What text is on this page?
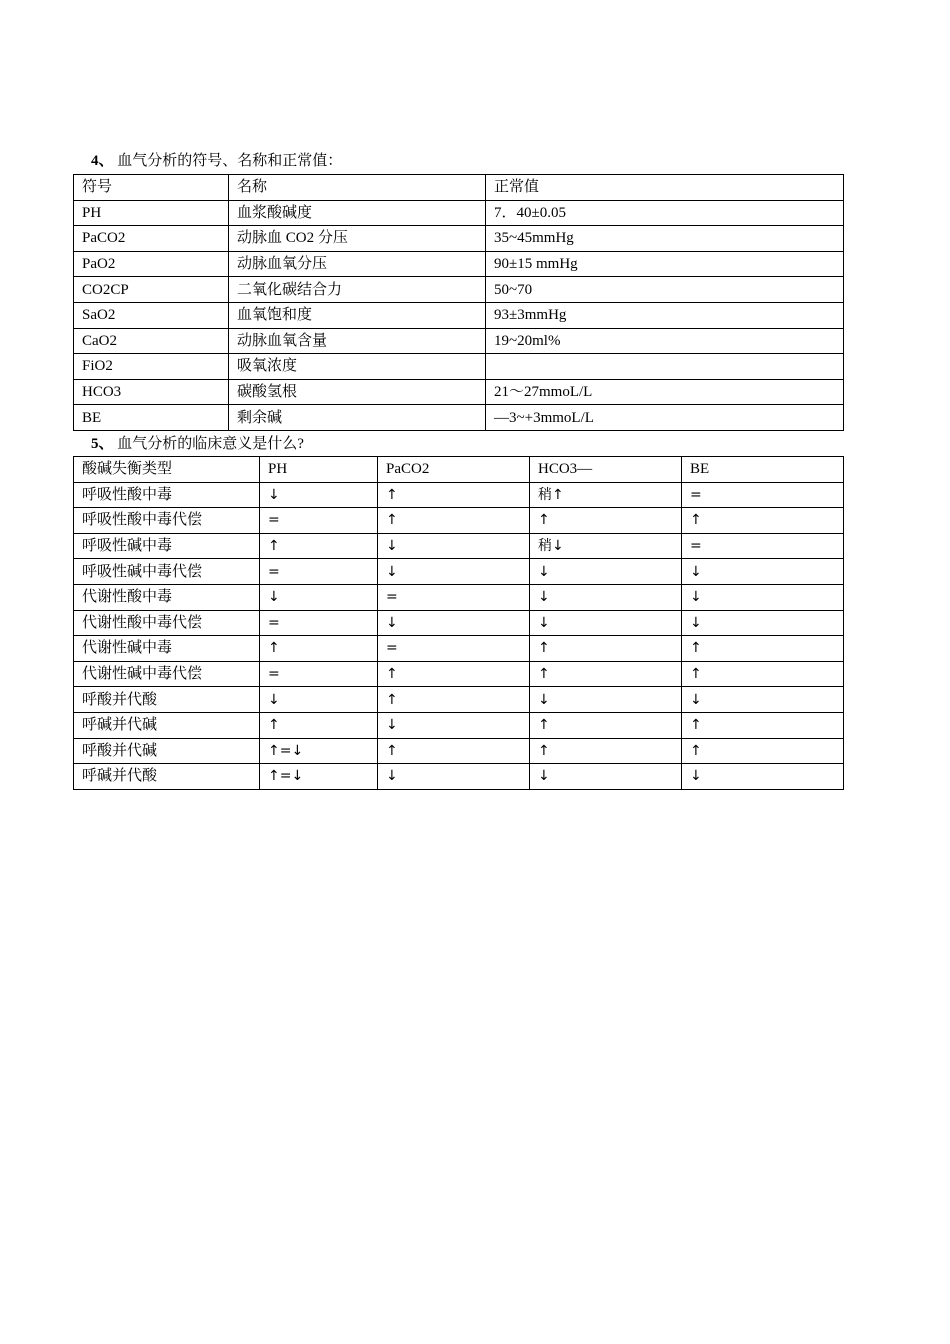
4、 血气分析的符号、名称和正常值：
符号	名称	正常值
PH	血浆酸碱度	7．40±0.05
PaCO2	动脉血 CO2 分压	35~45mmHg
PaO2	动脉血氧分压	90±15 mmHg
CO2CP	二氧化碳结合力	50~70
SaO2	血氧饱和度	93±3mmHg
CaO2	动脉血氧含量	19~20ml%
FiO2	吸氧浓度	
HCO3	碳酸氢根	21～27mmoL/L
BE	剩余碱	—3~+3mmoL/L
5、 血气分析的临床意义是什么?
酸碱失衡类型	PH	PaCO2	HCO3—	BE
呼吸性酸中毒	↓	↑	稍↑	=
呼吸性酸中毒代偿	=	↑	↑	↑
呼吸性碱中毒	↑	↓	稍↓	=
呼吸性碱中毒代偿	=	↓	↓	↓
代谢性酸中毒	↓	=	↓	↓
代谢性酸中毒代偿	=	↓	↓	↓
代谢性碱中毒	↑	=	↑	↑
代谢性碱中毒代偿	=	↑	↑	↑
呼酸并代酸	↓	↑	↓	↓
呼碱并代碱	↑	↓	↑	↑
呼酸并代碱	↑=↓	↑	↑	↑
呼碱并代酸	↑=↓	↓	↓	↓
